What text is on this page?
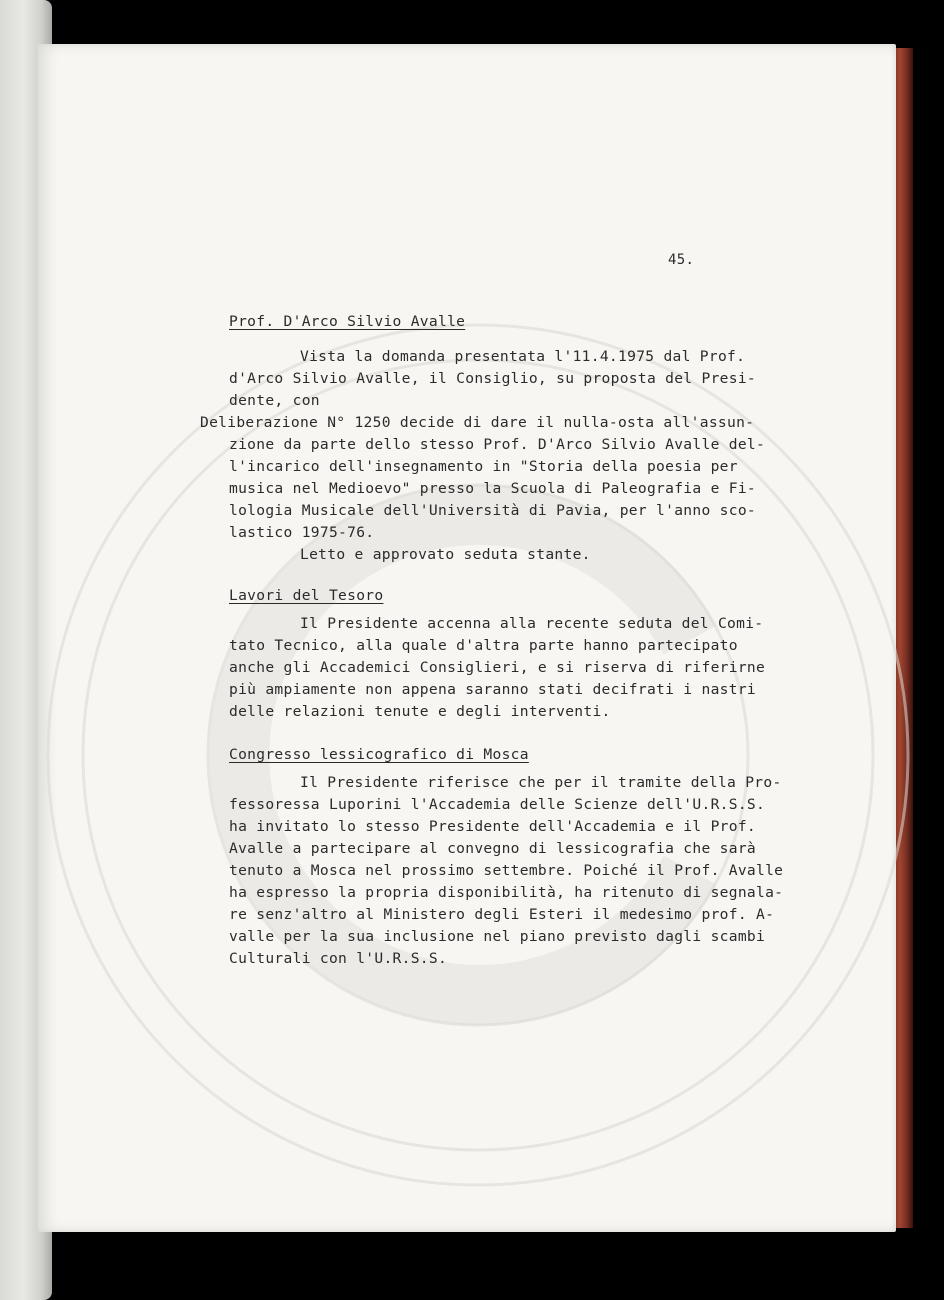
45.
Prof. D'Arco Silvio Avalle
Vista la domanda presentata l'11.4.1975 dal Prof.
d'Arco Silvio Avalle, il Consiglio, su proposta del Presi-
dente, con
Deliberazione N° 1250 decide di dare il nulla-osta all'assun-
zione da parte dello stesso Prof. D'Arco Silvio Avalle del-
l'incarico dell'insegnamento in "Storia della poesia per
musica nel Medioevo" presso la Scuola di Paleografia e Fi-
lologia Musicale dell'Università di Pavia, per l'anno sco-
lastico 1975-76.
Letto e approvato seduta stante.
Lavori del Tesoro
Il Presidente accenna alla recente seduta del Comi-
tato Tecnico, alla quale d'altra parte hanno partecipato
anche gli Accademici Consiglieri, e si riserva di riferirne
più ampiamente non appena saranno stati decifrati i nastri
delle relazioni tenute e degli interventi.
Congresso lessicografico di Mosca
Il Presidente riferisce che per il tramite della Pro-
fessoressa Luporini l'Accademia delle Scienze dell'U.R.S.S.
ha invitato lo stesso Presidente dell'Accademia e il Prof.
Avalle a partecipare al convegno di lessicografia che sarà
tenuto a Mosca nel prossimo settembre. Poiché il Prof. Avalle
ha espresso la propria disponibilità, ha ritenuto di segnala-
re senz'altro al Ministero degli Esteri il medesimo prof. A-
valle per la sua inclusione nel piano previsto dagli scambi
Culturali con l'U.R.S.S.
